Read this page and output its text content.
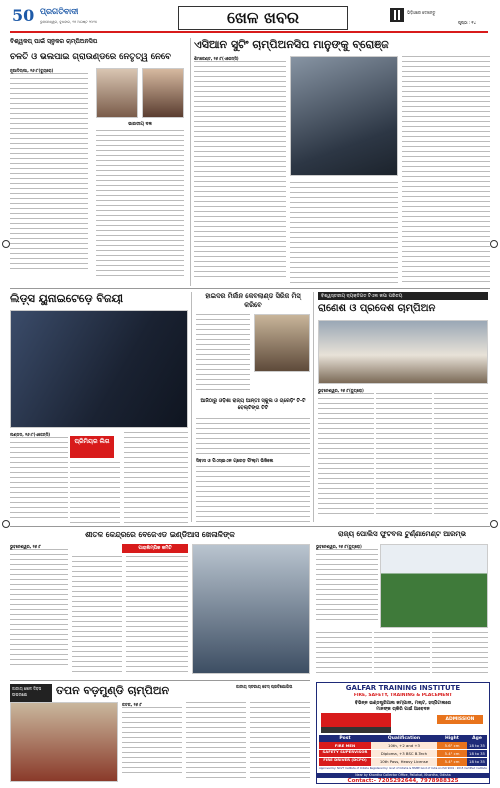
50 ପ୍ରଗତିବାଦୀ
ଭୁବନେଶ୍ୱର, ବୁଧବାର, ୨୭ ଅଗଷ୍ଟ ୨୦୨୫	ଖେଳ ଖବର	ଭିଡ଼ିଓରେ ଦେଖନ୍ତୁ
ପୃଷ୍ଠା : ୧୪
ବିଶ୍ୱକପ୍‌ ପାଇଁ ସ୍ନୁକର ଚାମ୍ପିଅନସିପ
ଚଳତି ଓ ଭଲପାଇ ଗ୍ରାଉଣ୍ଡରେ ନେତୃତ୍ୱ ନେବେ
ନୂଆଦିଲ୍ଲୀ, ୨୬।୮(ବ୍ୟୁରୋ)
ଭାରତୀୟ ଦଳ
ଏସିଆନ ସୁଟିଂ ଚାମ୍ପିଅନସିପ ମାନୁଙ୍କୁ ବ୍ରୋଞ୍ଜ
ଶିମକେଣ୍ଟ, ୨୬।୮(ଏଜେନ୍ସି)
ଲିଡ଼୍ସ ୟୁନାଇଟେଡ଼େ ବିଜୟୀ
ଲଣ୍ଡନ, ୨୬।୮(ଏଜେନ୍ସି)
ପ୍ରିମିୟର ଲିଗ
ହାଇଦର ମିର୍ଜାନ କେବଲାଣ୍ଡ ସିରିଜ ମିସ୍‌ କରିବେ
ଆଜିଠାରୁ ଓଡ଼ିଶା ରାଜ୍ୟ ଆନ୍ତଃ ସ୍କୁଲ ଓ ଗ୍ରେଡ଼ିଂ ଟି-ଟି ବେଲ୍ଟିଙ୍ଗ ଟିଟି
ସିବାସ ଓ ପିଏସ୍‌ଇଏନ ଗ୍ରେଡ଼ ଫିଲ୍ମ ଭିଜିଲେ
ବିଶ୍ୱସ୍ତରୀୟ ବ୍ୟକ୍ତିଗତ ଟିଏଲ କପା ପରିଚୟ
ରାଣେଶ ଓ ପ୍ରଦେଶ ଚାମ୍ପିଅନ
ଭୁବନେଶ୍ୱର, ୨୬।୮(ବ୍ୟୁରୋ)
ଶୀତଳ କେନ୍ଦ୍ରରେ ବେଜେଏଡ ଇଣ୍ଡିଆସ ଖେଳାଳିଙ୍କ
ପାରାଲିମ୍ପିକ କମିଟି
ଭୁବନେଶ୍ୱର, ୨୬।୮
ରାଜ୍ୟ ପୋଲିସ ଫୁଟବଲ ଟୁର୍ଣ୍ଣାମେଣ୍ଟ ଆରମ୍ଭ
ଭୁବନେଶ୍ୱର, ୨୬।୮(ବ୍ୟୁରୋ)
ଜାତୀୟ ଖେଳ ଦିବସ ଉପଲକ୍ଷେ	ତପନ ବଡ଼ମୁଣ୍ଡି ଚାମ୍ପିଅନ	ଜାତୀୟ ସ୍ତରୀୟ ଚେସ୍‌ ପ୍ରତିଯୋଗିତା
କଟକ, ୨୬।୮
GALFAR TRAINING INSTITUTE
FIRE, SAFETY, TRAINING & PLACEMENT
ବିଭିନ୍ନ ଇଣ୍ଡଷ୍ଟ୍ରିଆଲ କମ୍ପାନୀ, ମଲ୍ଟ, ହସ୍ପିଟାଲରେ
ମାନଙ୍କ ଚାକିରି ପାଇଁ ଆବେଦନ
ADMISSION
Post	Qualification	Hight	Age
FIRE MEN	10th, +2 and +3	5.6" cm	18 to 35
SAFETY SUPERVISOR	Diploma, +3 BSC B.Tech	5.4" cm	18 to 35
FIRE DRIVER (DCPO)	10th Pass, Heavy License	5.4" cm	18 to 35
Approved by: NCVT Institute of Odisha Registered by: Govt of Odisha & MSME Govt of India An ISO 9001 : 2015 Certified Institute
Near by Khordha Collector Office, Pallahat, Khordha, Odisha
Contact:- 7205292644, 7978988325
